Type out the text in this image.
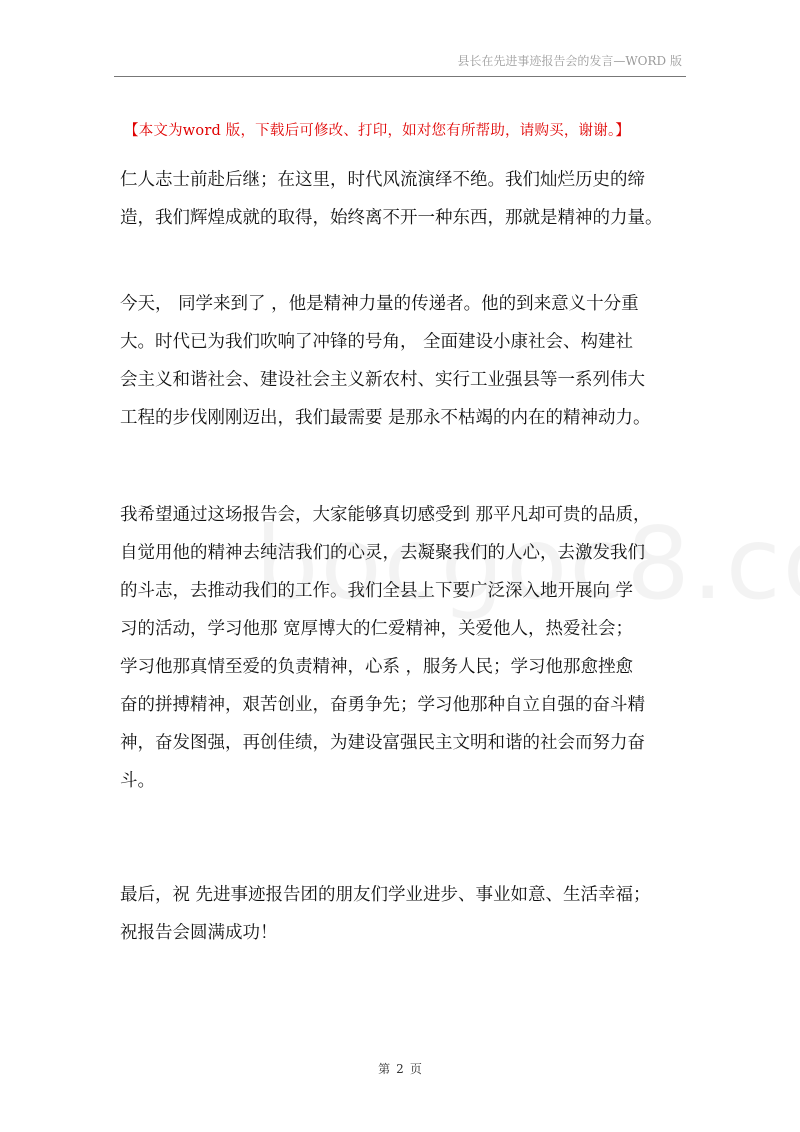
县长在先进事迹报告会的发言—WORD 版
【本文为word 版，下载后可修改、打印，如对您有所帮助，请购买，谢谢。】
仁人志士前赴后继；在这里，时代风流演绎不绝。我们灿烂历史的缔
造，我们辉煌成就的取得，始终离不开一种东西，那就是精神的力量。
今天， 同学来到了 ，他是精神力量的传递者。他的到来意义十分重
大。时代已为我们吹响了冲锋的号角， 全面建设小康社会、构建社
会主义和谐社会、建设社会主义新农村、实行工业强县等一系列伟大
工程的步伐刚刚迈出，我们最需要 是那永不枯竭的内在的精神动力。
我希望通过这场报告会，大家能够真切感受到 那平凡却可贵的品质，
自觉用他的精神去纯洁我们的心灵，去凝聚我们的人心，去激发我们
的斗志，去推动我们的工作。我们全县上下要广泛深入地开展向 学
习的活动，学习他那 宽厚博大的仁爱精神，关爱他人，热爱社会；
学习他那真情至爱的负责精神，心系 ，服务人民；学习他那愈挫愈
奋的拼搏精神，艰苦创业，奋勇争先；学习他那种自立自强的奋斗精
神，奋发图强，再创佳绩，为建设富强民主文明和谐的社会而努力奋
斗。
最后，祝 先进事迹报告团的朋友们学业进步、事业如意、生活幸福；
祝报告会圆满成功！
第 2 页
